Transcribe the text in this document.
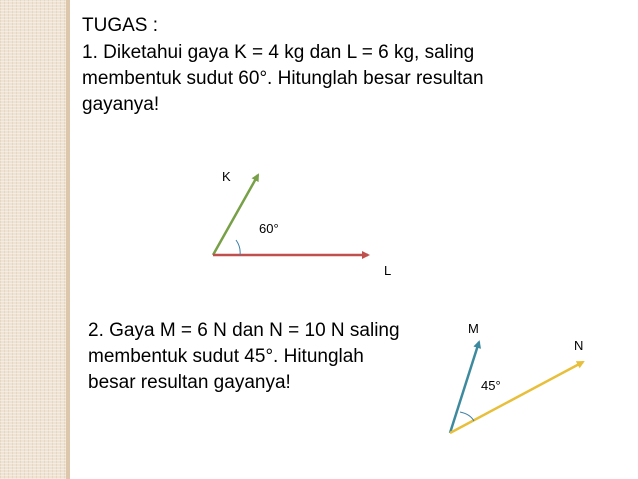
TUGAS :

1. Diketahui gaya K = 4 kg dan L = 6 kg, saling membentuk sudut 60°. Hitunglah besar resultan gayanya!

K
L
60°
M
N
45°

2. Gaya M = 6 N dan N = 10 N saling membentuk sudut 45°. Hitunglah besar resultan gayanya!
